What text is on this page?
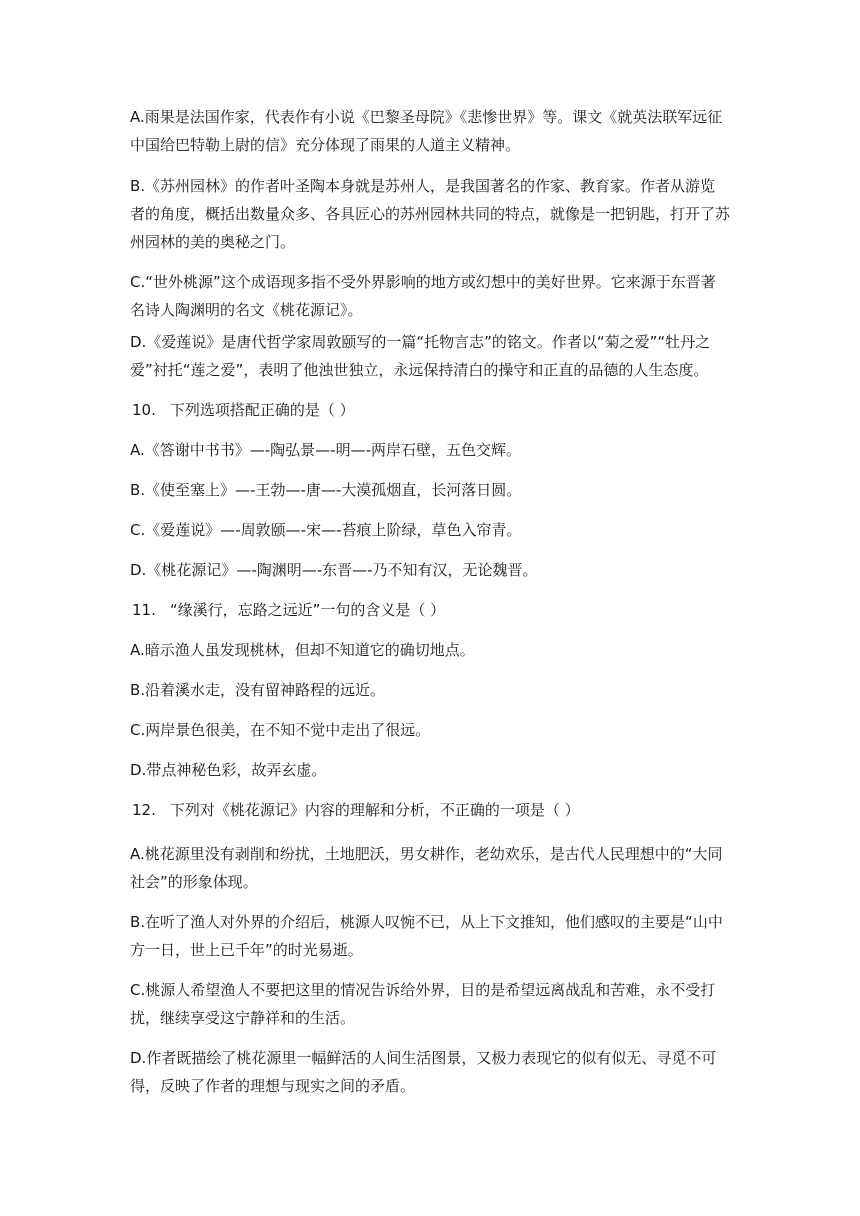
A.雨果是法国作家，代表作有小说《巴黎圣母院》《悲惨世界》等。课文《就英法联军远征中国给巴特勒上尉的信》充分体现了雨果的人道主义精神。

B.《苏州园林》的作者叶圣陶本身就是苏州人，是我国著名的作家、教育家。作者从游览者的角度，概括出数量众多、各具匠心的苏州园林共同的特点，就像是一把钥匙，打开了苏州园林的美的奥秘之门。

C.“世外桃源”这个成语现多指不受外界影响的地方或幻想中的美好世界。它来源于东晋著名诗人陶渊明的名文《桃花源记》。

D.《爱莲说》是唐代哲学家周敦颐写的一篇“托物言志”的铭文。作者以“菊之爱”“牡丹之爱”衬托“莲之爱”，表明了他浊世独立，永远保持清白的操守和正直的品德的人生态度。

10. 下列选项搭配正确的是（ ）

A.《答谢中书书》—-陶弘景—-明—-两岸石壁，五色交辉。

B.《使至塞上》—-王勃—-唐—-大漠孤烟直，长河落日圆。

C.《爱莲说》—-周敦颐—-宋—-苔痕上阶绿，草色入帘青。

D.《桃花源记》—-陶渊明—-东晋—-乃不知有汉，无论魏晋。

11. “缘溪行，忘路之远近”一句的含义是（ ）

A.暗示渔人虽发现桃林，但却不知道它的确切地点。

B.沿着溪水走，没有留神路程的远近。

C.两岸景色很美，在不知不觉中走出了很远。

D.带点神秘色彩，故弄玄虚。

12. 下列对《桃花源记》内容的理解和分析，不正确的一项是（ ）

A.桃花源里没有剥削和纷扰，土地肥沃，男女耕作，老幼欢乐，是古代人民理想中的“大同社会”的形象体现。

B.在听了渔人对外界的介绍后，桃源人叹惋不已，从上下文推知，他们感叹的主要是“山中方一日，世上已千年”的时光易逝。

C.桃源人希望渔人不要把这里的情况告诉给外界，目的是希望远离战乱和苦难，永不受打扰，继续享受这宁静祥和的生活。

D.作者既描绘了桃花源里一幅鲜活的人间生活图景，又极力表现它的似有似无、寻觅不可得，反映了作者的理想与现实之间的矛盾。
